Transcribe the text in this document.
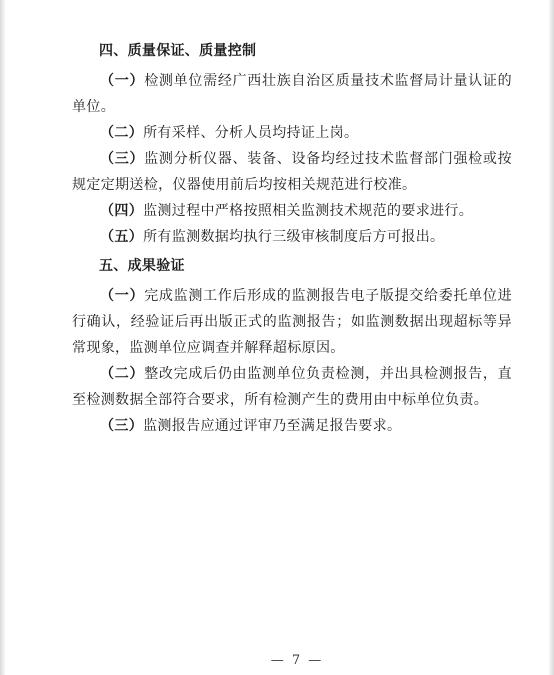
四、质量保证、质量控制

（一）检测单位需经广西壮族自治区质量技术监督局计量认证的单位。

（二）所有采样、分析人员均持证上岗。

（三）监测分析仪器、装备、设备均经过技术监督部门强检或按规定定期送检，仪器使用前后均按相关规范进行校准。

（四）监测过程中严格按照相关监测技术规范的要求进行。

（五）所有监测数据均执行三级审核制度后方可报出。

五、成果验证

（一）完成监测工作后形成的监测报告电子版提交给委托单位进行确认，经验证后再出版正式的监测报告；如监测数据出现超标等异常现象，监测单位应调查并解释超标原因。

（二）整改完成后仍由监测单位负责检测，并出具检测报告，直至检测数据全部符合要求，所有检测产生的费用由中标单位负责。

（三）监测报告应通过评审乃至满足报告要求。

— 7 —
